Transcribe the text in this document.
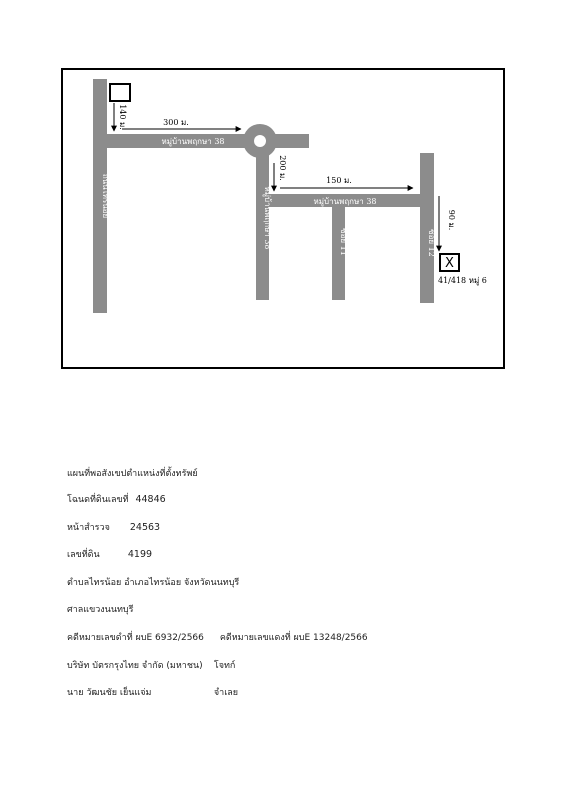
ถนนไทรน้อย
หมู่บ้านพฤกษา 38
หมู่บ้านพฤกษา 38
หมู่บ้านพฤกษา 38	ซอย 11	ซอย 12
140 ม.	300 ม.
200 ม.	150 ม.
90 ม.
X
41/418 หมู่ 6
แผนที่พอสังเขปตำแหน่งที่ตั้งทรัพย์
โฉนดที่ดินเลขที่ 44846
หน้าสำรวจ 24563
เลขที่ดิน	4199
ตำบลไทรน้อย อำเภอไทรน้อย จังหวัดนนทบุรี
ศาลแขวงนนทบุรี
คดีหมายเลขดำที่ ผบE 6932/2566 คดีหมายเลขแดงที่ ผบE 13248/2566
บริษัท บัตรกรุงไทย จำกัด (มหาชน) โจทก์
นาย วัฒนชัย เย็นแจ่ม	จำเลย
